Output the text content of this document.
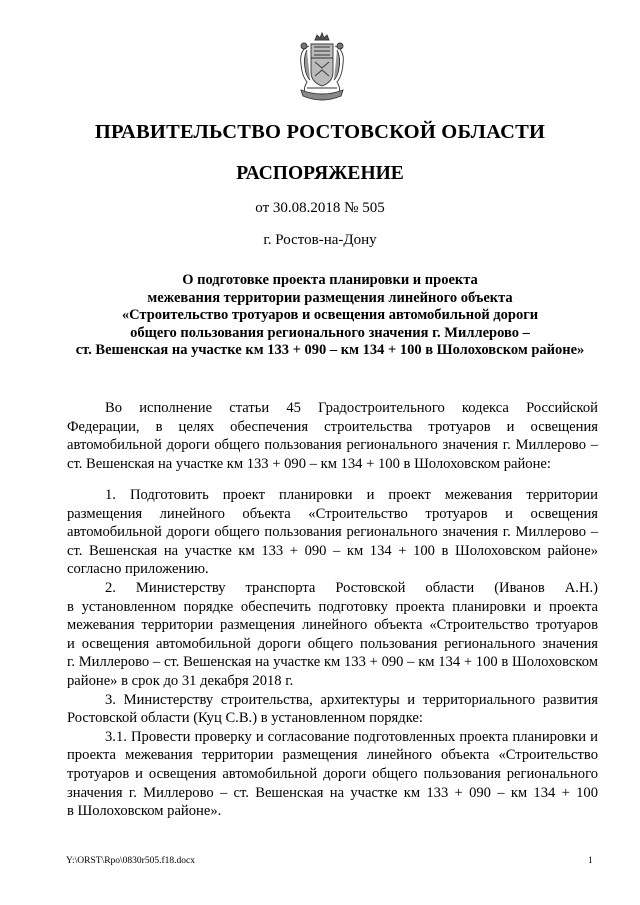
ПРАВИТЕЛЬСТВО РОСТОВСКОЙ ОБЛАСТИ
РАСПОРЯЖЕНИЕ
от 30.08.2018 № 505
г. Ростов-на-Дону
О подготовке проекта планировки и проекта
межевания территории размещения линейного объекта
«Строительство тротуаров и освещения автомобильной дороги
общего пользования регионального значения г. Миллерово –
ст. Вешенская на участке км 133 + 090 – км 134 + 100 в Шолоховском районе»
Во исполнение статьи 45 Градостроительного кодекса Российской
Федерации, в целях обеспечения строительства тротуаров и освещения
автомобильной дороги общего пользования регионального значения г. Миллерово –
ст. Вешенская на участке км 133 + 090 – км 134 + 100 в Шолоховском районе:
1. Подготовить проект планировки и проект межевания территории
размещения линейного объекта «Строительство тротуаров и освещения
автомобильной дороги общего пользования регионального значения г. Миллерово –
ст. Вешенская на участке км 133 + 090 – км 134 + 100 в Шолоховском районе»
согласно приложению.
2. Министерству транспорта Ростовской области (Иванов А.Н.)
в установленном порядке обеспечить подготовку проекта планировки и проекта
межевания территории размещения линейного объекта «Строительство тротуаров
и освещения автомобильной дороги общего пользования регионального значения
г. Миллерово – ст. Вешенская на участке км 133 + 090 – км 134 + 100 в Шолоховском
районе» в срок до 31 декабря 2018 г.
3. Министерству строительства, архитектуры и территориального развития
Ростовской области (Куц С.В.) в установленном порядке:
3.1. Провести проверку и согласование подготовленных проекта планировки и
проекта межевания территории размещения линейного объекта «Строительство
тротуаров и освещения автомобильной дороги общего пользования регионального
значения г. Миллерово – ст. Вешенская на участке км 133 + 090 – км 134 + 100
в Шолоховском районе».
Y:\ORST\Rpo\0830r505.f18.docx	1
